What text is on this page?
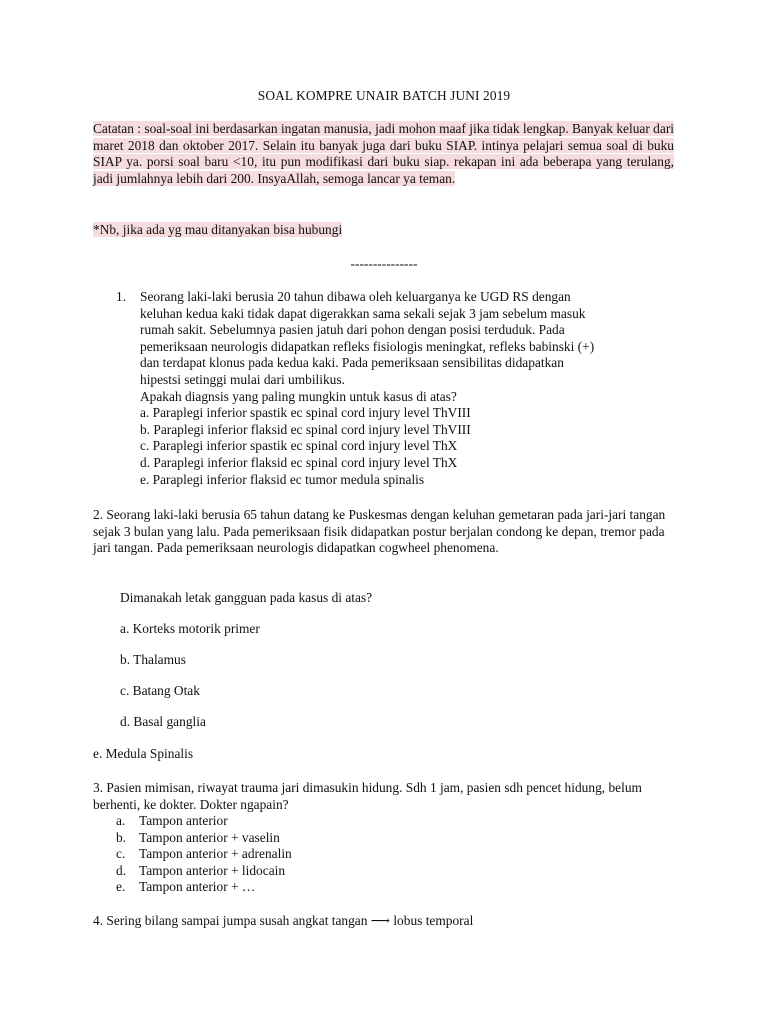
SOAL KOMPRE UNAIR BATCH JUNI 2019
Catatan : soal-soal ini berdasarkan ingatan manusia, jadi mohon maaf jika tidak lengkap. Banyak keluar dari maret 2018 dan oktober 2017. Selain itu banyak juga dari buku SIAP. intinya pelajari semua soal di buku SIAP ya. porsi soal baru <10, itu pun modifikasi dari buku siap. rekapan ini ada beberapa yang terulang, jadi jumlahnya lebih dari 200. InsyaAllah, semoga lancar ya teman.
*Nb, jika ada yg mau ditanyakan bisa hubungi
---------------
1. Seorang laki-laki berusia 20 tahun dibawa oleh keluarganya ke UGD RS dengan
keluhan kedua kaki tidak dapat digerakkan sama sekali sejak 3 jam sebelum masuk
rumah sakit. Sebelumnya pasien jatuh dari pohon dengan posisi terduduk. Pada
pemeriksaan neurologis didapatkan refleks fisiologis meningkat, refleks babinski (+)
dan terdapat klonus pada kedua kaki. Pada pemeriksaan sensibilitas didapatkan
hipestsi setinggi mulai dari umbilikus.
Apakah diagnsis yang paling mungkin untuk kasus di atas?
a. Paraplegi inferior spastik ec spinal cord injury level ThVIII
b. Paraplegi inferior flaksid ec spinal cord injury level ThVIII
c. Paraplegi inferior spastik ec spinal cord injury level ThX
d. Paraplegi inferior flaksid ec spinal cord injury level ThX
e. Paraplegi inferior flaksid ec tumor medula spinalis
2. Seorang laki-laki berusia 65 tahun datang ke Puskesmas dengan keluhan gemetaran pada jari-jari tangan sejak 3 bulan yang lalu. Pada pemeriksaan fisik didapatkan postur berjalan condong ke depan, tremor pada jari tangan. Pada pemeriksaan neurologis didapatkan cogwheel phenomena.
Dimanakah letak gangguan pada kasus di atas?
a. Korteks motorik primer
b. Thalamus
c. Batang Otak
d. Basal ganglia
e. Medula Spinalis
3. Pasien mimisan, riwayat trauma jari dimasukin hidung. Sdh 1 jam, pasien sdh pencet hidung, belum berhenti, ke dokter. Dokter ngapain?
a. Tampon anterior
b. Tampon anterior + vaselin
c. Tampon anterior + adrenalin
d. Tampon anterior + lidocain
e. Tampon anterior + …
4. Sering bilang sampai jumpa susah angkat tangan ⟶ lobus temporal
